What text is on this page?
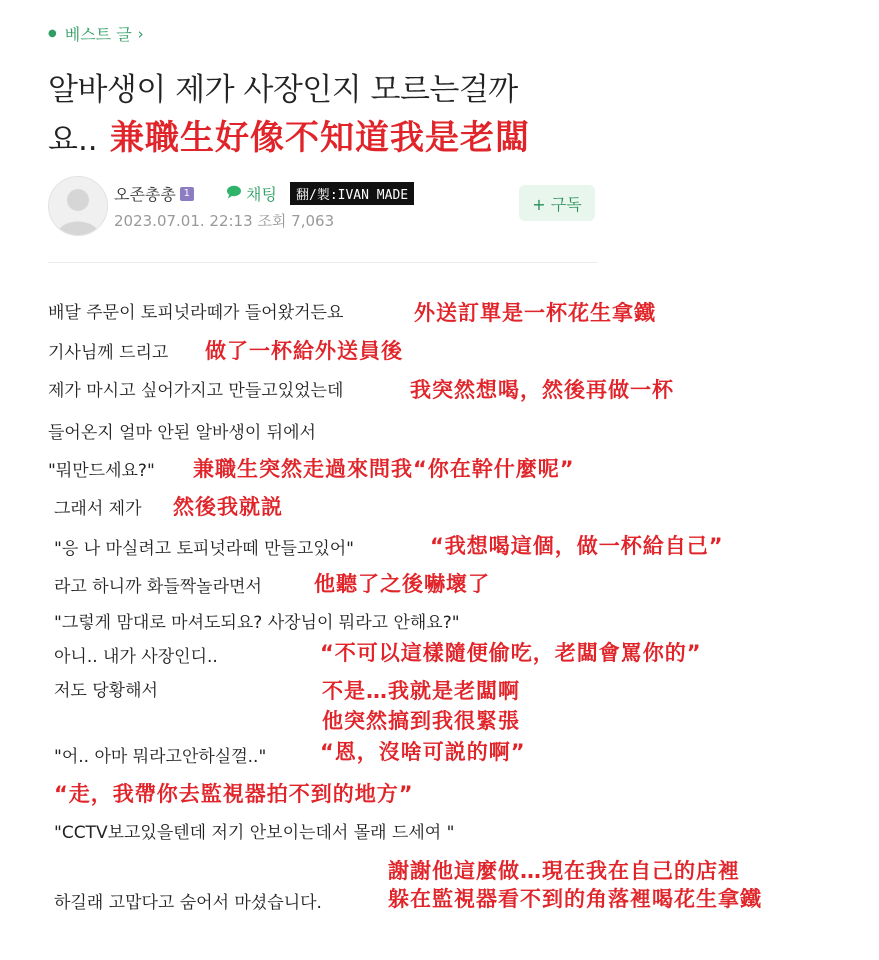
● 베스트 글 ›
알바생이 제가 사장인지 모르는걸까
요.. 兼職生好像不知道我是老闆
오존총총 1	채팅	翻/製:IVAN MADE
2023.07.01. 22:13 조회 7,063
+ 구독
배달 주문이 토피넛라떼가 들어왔거든요	外送訂單是一杯花生拿鐵
기사님께 드리고 做了一杯給外送員後
제가 마시고 싶어가지고 만들고있었는데	我突然想喝，然後再做一杯
들어온지 얼마 안된 알바생이 뒤에서
"뭐만드세요?" 兼職生突然走過來問我“你在幹什麼呢”
그래서 제가 然後我就説
"응 나 마실려고 토피넛라떼 만들고있어"	“我想喝這個，做一杯給自己”
라고 하니까 화들짝놀라면서 他聽了之後嚇壞了
"그렇게 맘대로 마셔도되요? 사장님이 뭐라고 안해요?"
아니.. 내가 사장인디..	“不可以這樣隨便偷吃，老闆會罵你的”
저도 당황해서	不是…我就是老闆啊
他突然搞到我很緊張
"어.. 아마 뭐라고안하실껄.."	“恩，沒啥可説的啊”
“走，我帶你去監視器拍不到的地方”
"CCTV보고있을텐데 저기 안보이는데서 몰래 드세여 "
謝謝他這麼做…現在我在自己的店裡
하길래 고맙다고 숨어서 마셨습니다.	躲在監視器看不到的角落裡喝花生拿鐵
